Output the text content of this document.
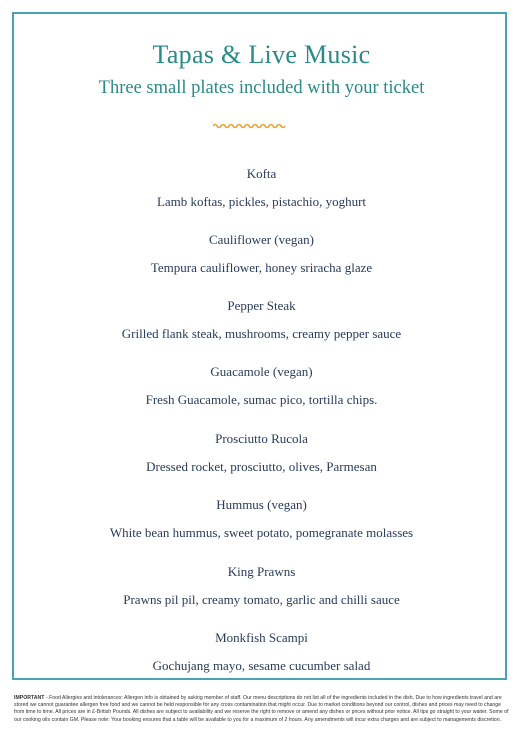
Tapas & Live Music
Three small plates included with your ticket
Kofta
Lamb koftas, pickles, pistachio, yoghurt
Cauliflower (vegan)
Tempura cauliflower, honey sriracha glaze
Pepper Steak
Grilled flank steak, mushrooms, creamy pepper sauce
Guacamole (vegan)
Fresh Guacamole, sumac pico, tortilla chips.
Prosciutto Rucola
Dressed rocket, prosciutto, olives, Parmesan
Hummus (vegan)
White bean hummus, sweet potato, pomegranate molasses
King Prawns
Prawns pil pil, creamy tomato, garlic and chilli sauce
Monkfish Scampi
Gochujang mayo, sesame cucumber salad
IMPORTANT - Food Allergies and intolerances: Allergen info is obtained by asking member of staff. Our menu descriptions do not list all of the ingredients included in the dish. Due to how ingredients travel and are stored we cannot guarantee allergen free food and we cannot be held responsible for any cross contamination that might occur. Due to market conditions beyond our control, dishes and prices may need to change from time to time. All prices are in £-British Pounds. All dishes are subject to availability and we reserve the right to remove or amend any dishes or prices without prior notice. All tips go straight to your waiter. Some of our cooking oils contain GM. Please note: Your booking ensures that a table will be available to you for a maximum of 2 hours. Any amendments will incur extra charges and are subject to managements discretion.
